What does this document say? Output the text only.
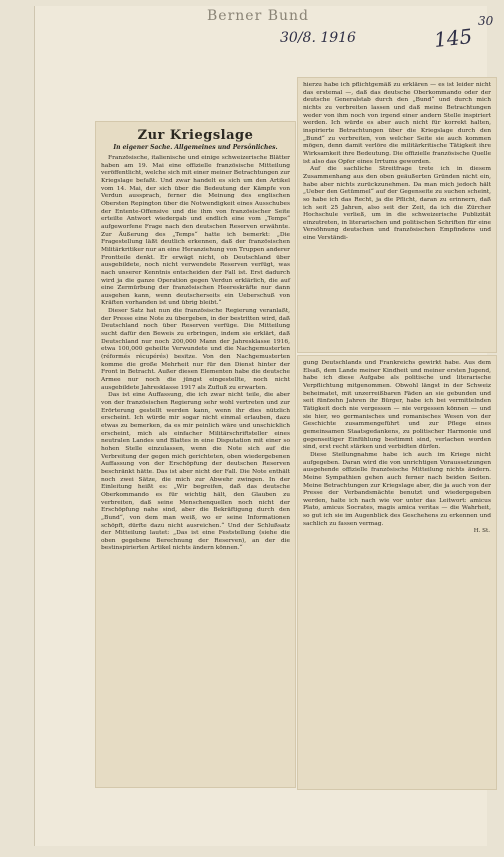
Berner Bund
30/8. 1916	145
30
Zur Kriegslage
In eigener Sache. Allgemeines und Persönliches.

Französische, italienische und einige schweizerische Blätter haben am 19. Mai eine offizielle französische Mitteilung veröffentlicht, welche sich mit einer meiner Betrachtungen zur Kriegslage befaßt. Und zwar handelt es sich um den Artikel vom 14. Mai, der sich über die Bedeutung der Kämpfe von Verdun aussprach, ferner die Meinung des englischen Obersten Repington über die Notwendigkeit eines Ausschubes der Entente-Offensive und die ihm von französischer Seite erteilte Antwort wiedergab und endlich eine vom „Temps“ aufgeworfene Frage nach den deutschen Reserven erwähnte. Zur Äußerung des „Temps“ hatte ich bemerkt: „Die Fragestellung läßt deutlich erkennen, daß der französischen Militärkritiker nur an eine Heranziehung von Truppen anderer Frontteile denkt. Er erwägt nicht, ob Deutschland über ausgebildete, noch nicht verwendete Reserven verfügt, was nach unserer Kenntnis entscheiden der Fall ist. Erst dadurch wird ja die ganze Operation gegen Verdun erklärlich, die auf eine Zermürbung der französischen Heereskräfte nur dann ausgehen kann, wenn deutscherseits ein Ueberschuß von Kräften vorhanden ist und übrig bleibt.“

Dieser Satz hat nun die französische Regierung veranlaßt, der Presse eine Note zu übergeben, in der bestritten wird, daß Deutschland noch über Reserven verfüge. Die Mitteilung sucht dafür den Beweis zu erbringen, indem sie erklärt, daß Deutschland nur noch 200,000 Mann der Jahresklasse 1916, etwa 100,000 geheilte Verwundete und die Nachgemusterten (réformés récupérés) besitze. Von den Nachgemusterten komme die große Mehrheit nur für den Dienst hinter der Front in Betracht. Außer diesen Elementen habe die deutsche Armee nur noch die jüngst eingestellte, noch nicht ausgebildete Jahresklasse 1917 als Zufluß zu erwarten.

Das ist eine Auffassung, die ich zwar nicht teile, die aber von der französischen Regierung sehr wohl vertreten und zur Erörterung gestellt werden kann, wenn ihr dies nützlich erscheint. Ich würde mir sogar nicht einmal erlauben, dazu etwas zu bemerken, da es mir peinlich wäre und unschicklich erscheint, mich als einfacher Militärschriftsteller eines neutralen Landes und Blattes in eine Disputation mit einer so hohen Stelle einzulassen, wenn die Note sich auf die Verbreitung der gegen mich gerichteten, oben wiedergebenen Auffassung von der Erschöpfung der deutschen Reserven beschränkt hätte. Das ist aber nicht der Fall. Die Note enthält noch zwei Sätze, die mich zur Abwehr zwingen. In der Einleitung heißt es: „Wir begreifen, daß das deutsche Oberkommando es für wichtig hält, den Glauben zu verbreiten, daß seine Menschenquellen noch nicht der Erschöpfung nahe sind, aber die Bekräftigung durch den „Bund“, von dem man weiß, wo er seine Informationen schöpft, dürfte dazu nicht ausreichen.“ Und der Schlußsatz der Mitteilung lautet: „Das ist eine Feststellung (siehe die oben gegebene Berechnung der Reserven), an der die bestinspirierten Artikel nichts ändern können.“

hierzu habe ich pflichtgemäß zu erklären — es ist leider nicht das erstemal —, daß das deutsche Oberkommando oder der deutsche Generalstab durch den „Bund“ und durch mich nichts zu verbreiten lassen und daß meine Betrachtungen weder von ihm noch von irgend einer andern Stelle inspiriert werden. Ich würde es aber auch nicht für korrekt halten, inspirierte Betrachtungen über die Kriegslage durch den „Bund“ zu verbreiten, von welcher Seite sie auch kommen mögen, denn damit verlöre die militärkritische Tätigkeit ihre Wirksamkeit ihre Bedeutung. Die offizielle französische Quelle ist also das Opfer eines Irrtums geworden.

Auf die sachliche Streitfrage trete ich in diesem Zusammenhang aus den oben geäußerten Gründen nicht ein, habe aber nichts zurückzunehmen. Da man mich jedoch hält „Ueber den Getümmel“ auf der Gegenseite zu suchen scheint, so habe ich das Recht, ja die Pflicht, daran zu erinnern, daß ich seit 25 Jahren, also seit der Zeit, da ich die Zürcher Hochschule verließ, um in die schweizerische Publizität einzutreten, in literarischen und politischen Schriften für eine Versöhnung deutschen und französischen Empfindens und eine Verständi-

gung Deutschlands und Frankreichs gewirkt habe. Aus dem Elsaß, dem Lande meiner Kindheit und meiner ersten Jugend, habe ich diese Aufgabe als politische und literarische Verpflichtung mitgenommen. Obwohl längst in der Schweiz beheimatet, mit unzerreißbaren Fäden an sie gebunden und seit fünfzehn Jahren ihr Bürger, habe ich bei vermittelnden Tätigkeit doch nie vergessen — nie vergessen können — und sie hier, wo germanisches und romanisches Wesen von der Geschichte zusammengeführt und zur Pflege eines gemeinsamen Staatsgedankens, zu politischer Harmonie und gegenseitiger Einfühlung bestimmt sind, verlachen worden sind, erst recht stärken und verbidten dürfen.

Diese Stellungnahme habe ich auch im Kriege nicht aufgegeben. Daran wird die von unrichtigen Voraussetzungen ausgehende offizielle französische Mitteilung nichts ändern. Meine Sympathien gehen auch ferner nach beiden Seiten. Meine Betrachtungen zur Kriegslage aber, die ja auch von der Presse der Verbandsmächte benutzt und wiedergegeben werden, halte ich nach wie vor unter das Leitwort: amicus Plato, amicus Socrates, magis amica veritas — die Wahrheit, so gut ich sie im Augenblick des Geschehens zu erkennen und sachlich zu fassen vermag.

H. St.
